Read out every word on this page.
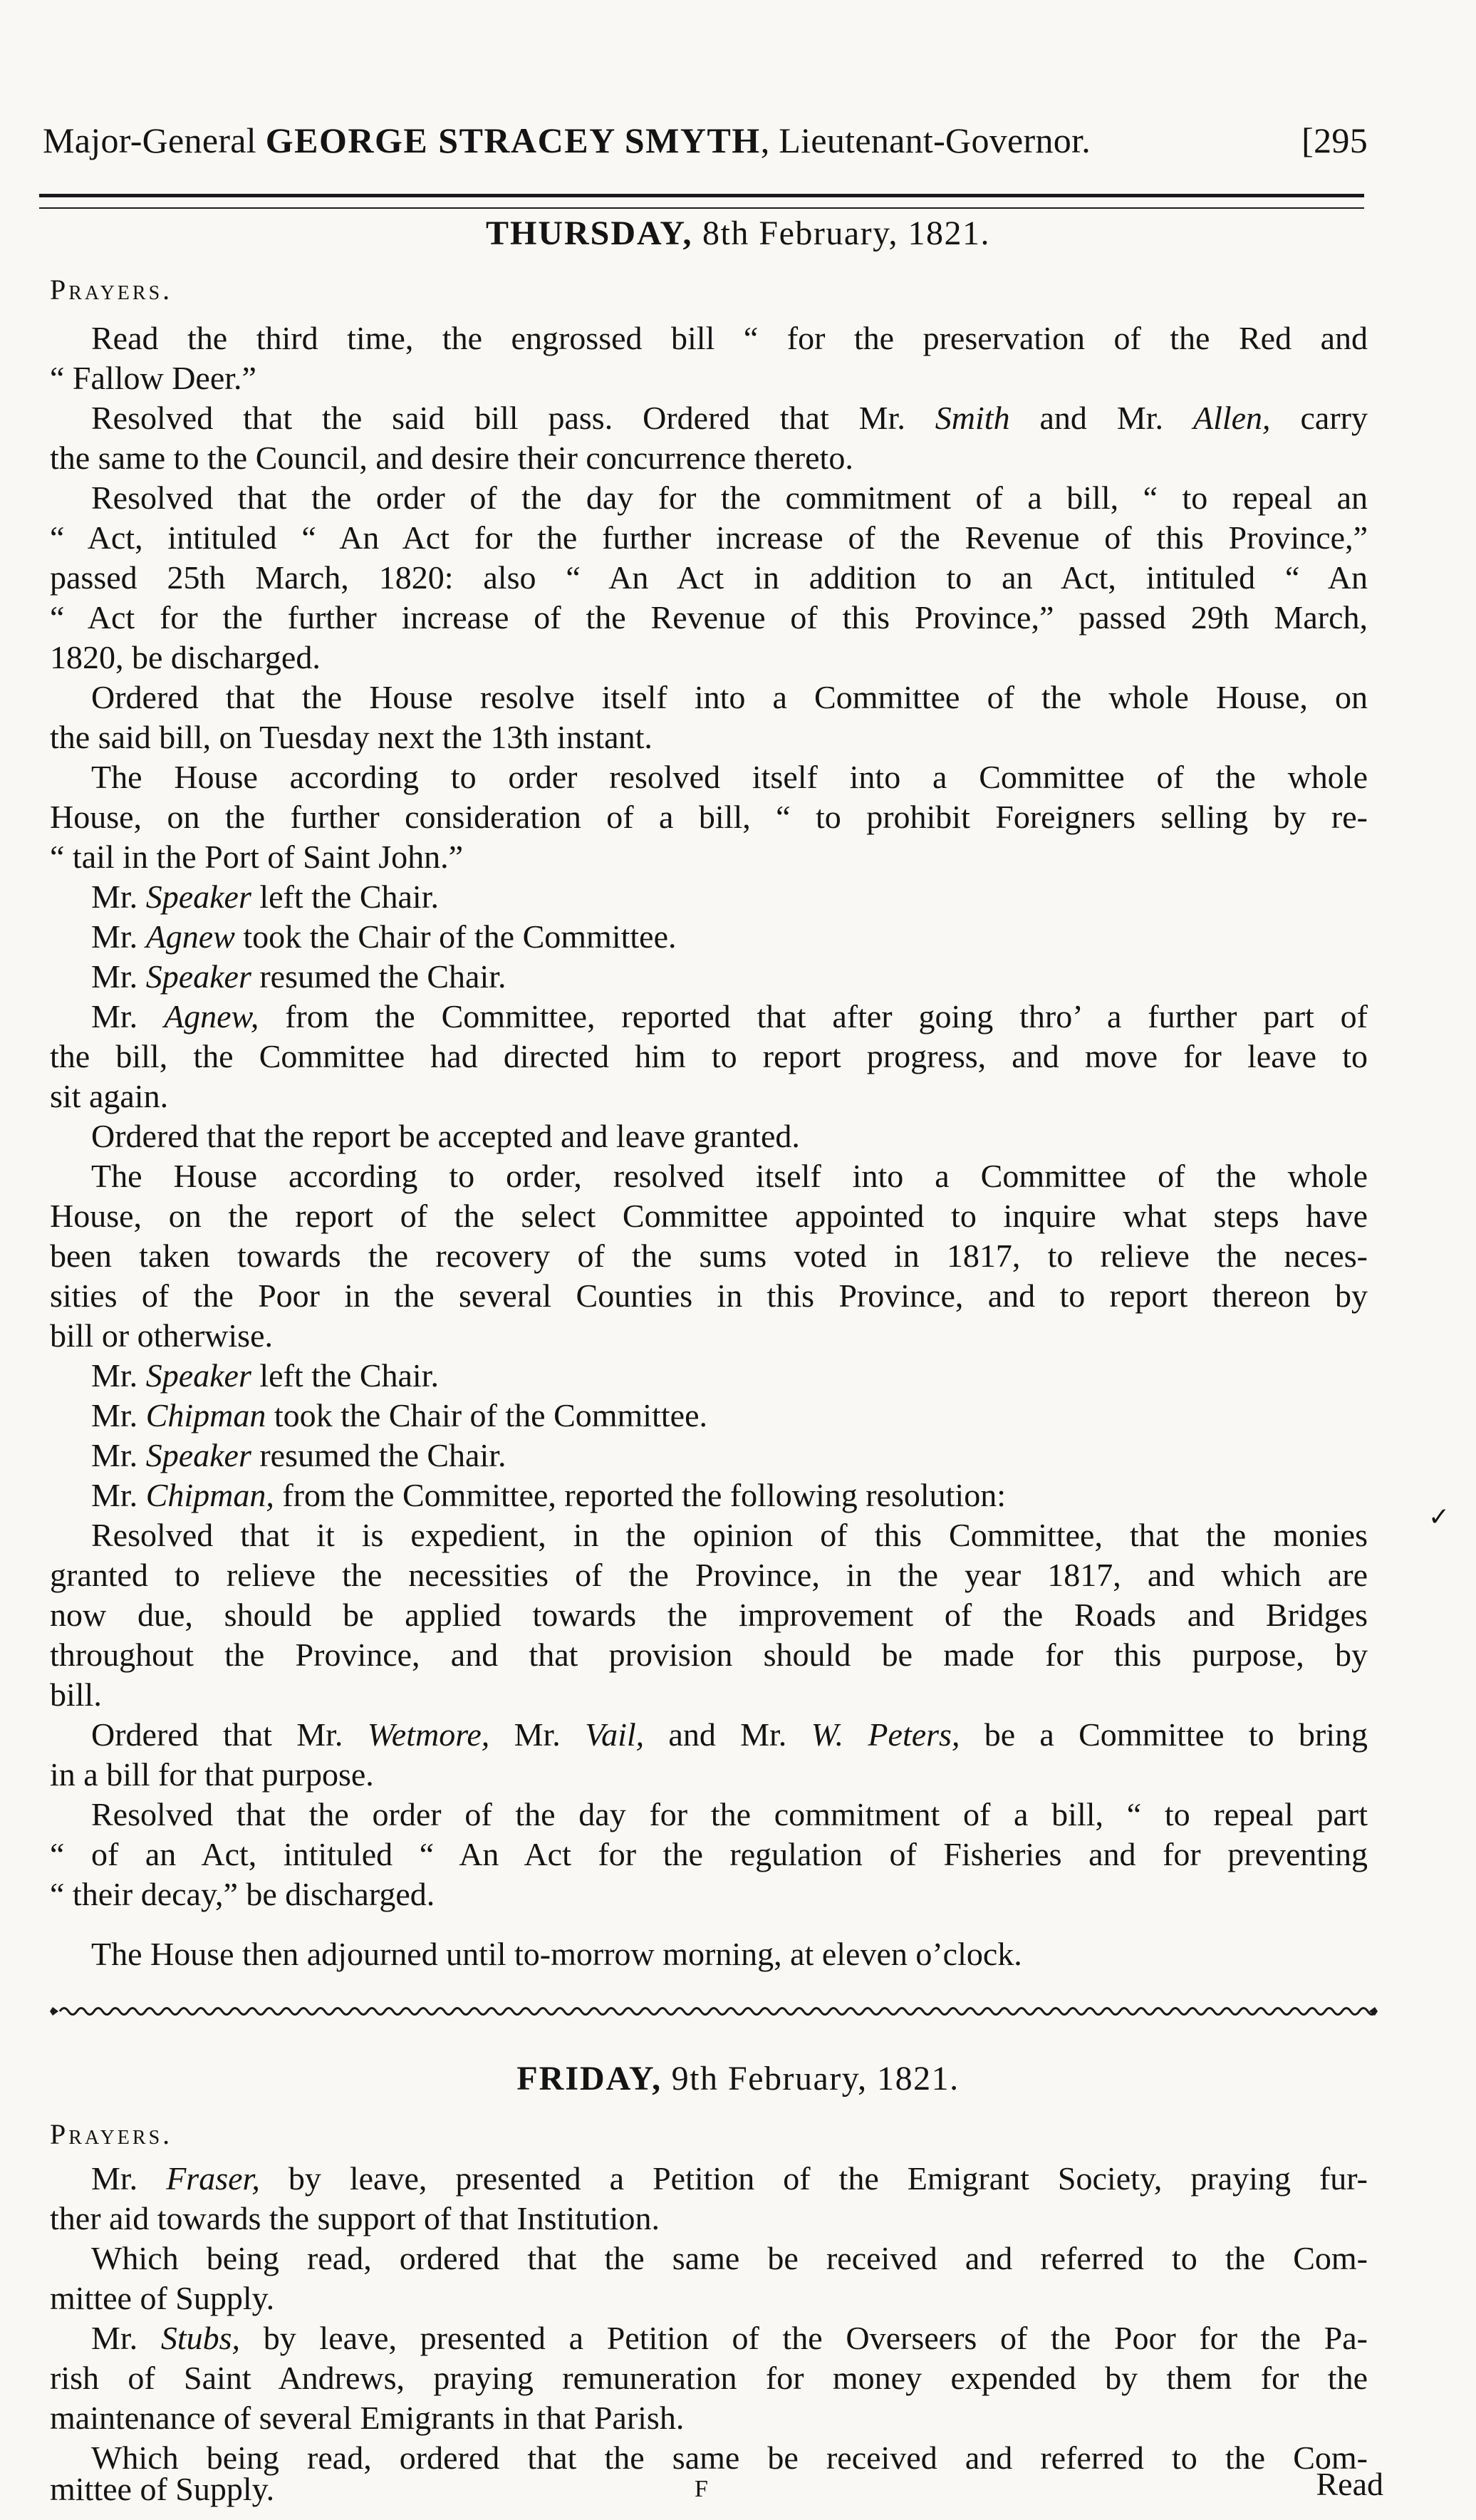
Major-General GEORGE STRACEY SMYTH, Lieutenant-Governor.	[295
THURSDAY, 8th February, 1821.
Prayers.
Read the third time, the engrossed bill “ for the preservation of the Red and
“ Fallow Deer.”
Resolved that the said bill pass. Ordered that Mr. Smith and Mr. Allen, carry
the same to the Council, and desire their concurrence thereto.
Resolved that the order of the day for the commitment of a bill, “ to repeal an
“ Act, intituled “ An Act for the further increase of the Revenue of this Province,”
passed 25th March, 1820: also “ An Act in addition to an Act, intituled “ An
“ Act for the further increase of the Revenue of this Province,” passed 29th March,
1820, be discharged.
Ordered that the House resolve itself into a Committee of the whole House, on
the said bill, on Tuesday next the 13th instant.
The House according to order resolved itself into a Committee of the whole
House, on the further consideration of a bill, “ to prohibit Foreigners selling by re-
“ tail in the Port of Saint John.”
Mr. Speaker left the Chair.
Mr. Agnew took the Chair of the Committee.
Mr. Speaker resumed the Chair.
Mr. Agnew, from the Committee, reported that after going thro’ a further part of
the bill, the Committee had directed him to report progress, and move for leave to
sit again.
Ordered that the report be accepted and leave granted.
The House according to order, resolved itself into a Committee of the whole
House, on the report of the select Committee appointed to inquire what steps have
been taken towards the recovery of the sums voted in 1817, to relieve the neces-
sities of the Poor in the several Counties in this Province, and to report thereon by
bill or otherwise.
Mr. Speaker left the Chair.
Mr. Chipman took the Chair of the Committee.
Mr. Speaker resumed the Chair.
Mr. Chipman, from the Committee, reported the following resolution:
Resolved that it is expedient, in the opinion of this Committee, that the monies
granted to relieve the necessities of the Province, in the year 1817, and which are
now due, should be applied towards the improvement of the Roads and Bridges
throughout the Province, and that provision should be made for this purpose, by
bill.
Ordered that Mr. Wetmore, Mr. Vail, and Mr. W. Peters, be a Committee to bring
in a bill for that purpose.
Resolved that the order of the day for the commitment of a bill, “ to repeal part
“ of an Act, intituled “ An Act for the regulation of Fisheries and for preventing
“ their decay,” be discharged.
The House then adjourned until to-morrow morning, at eleven o’clock.
✓
FRIDAY, 9th February, 1821.
Prayers.
Mr. Fraser, by leave, presented a Petition of the Emigrant Society, praying fur-
ther aid towards the support of that Institution.
Which being read, ordered that the same be received and referred to the Com-
mittee of Supply.
Mr. Stubs, by leave, presented a Petition of the Overseers of the Poor for the Pa-
rish of Saint Andrews, praying remuneration for money expended by them for the
maintenance of several Emigrants in that Parish.
Which being read, ordered that the same be received and referred to the Com-
mittee of Supply.	F	Read
